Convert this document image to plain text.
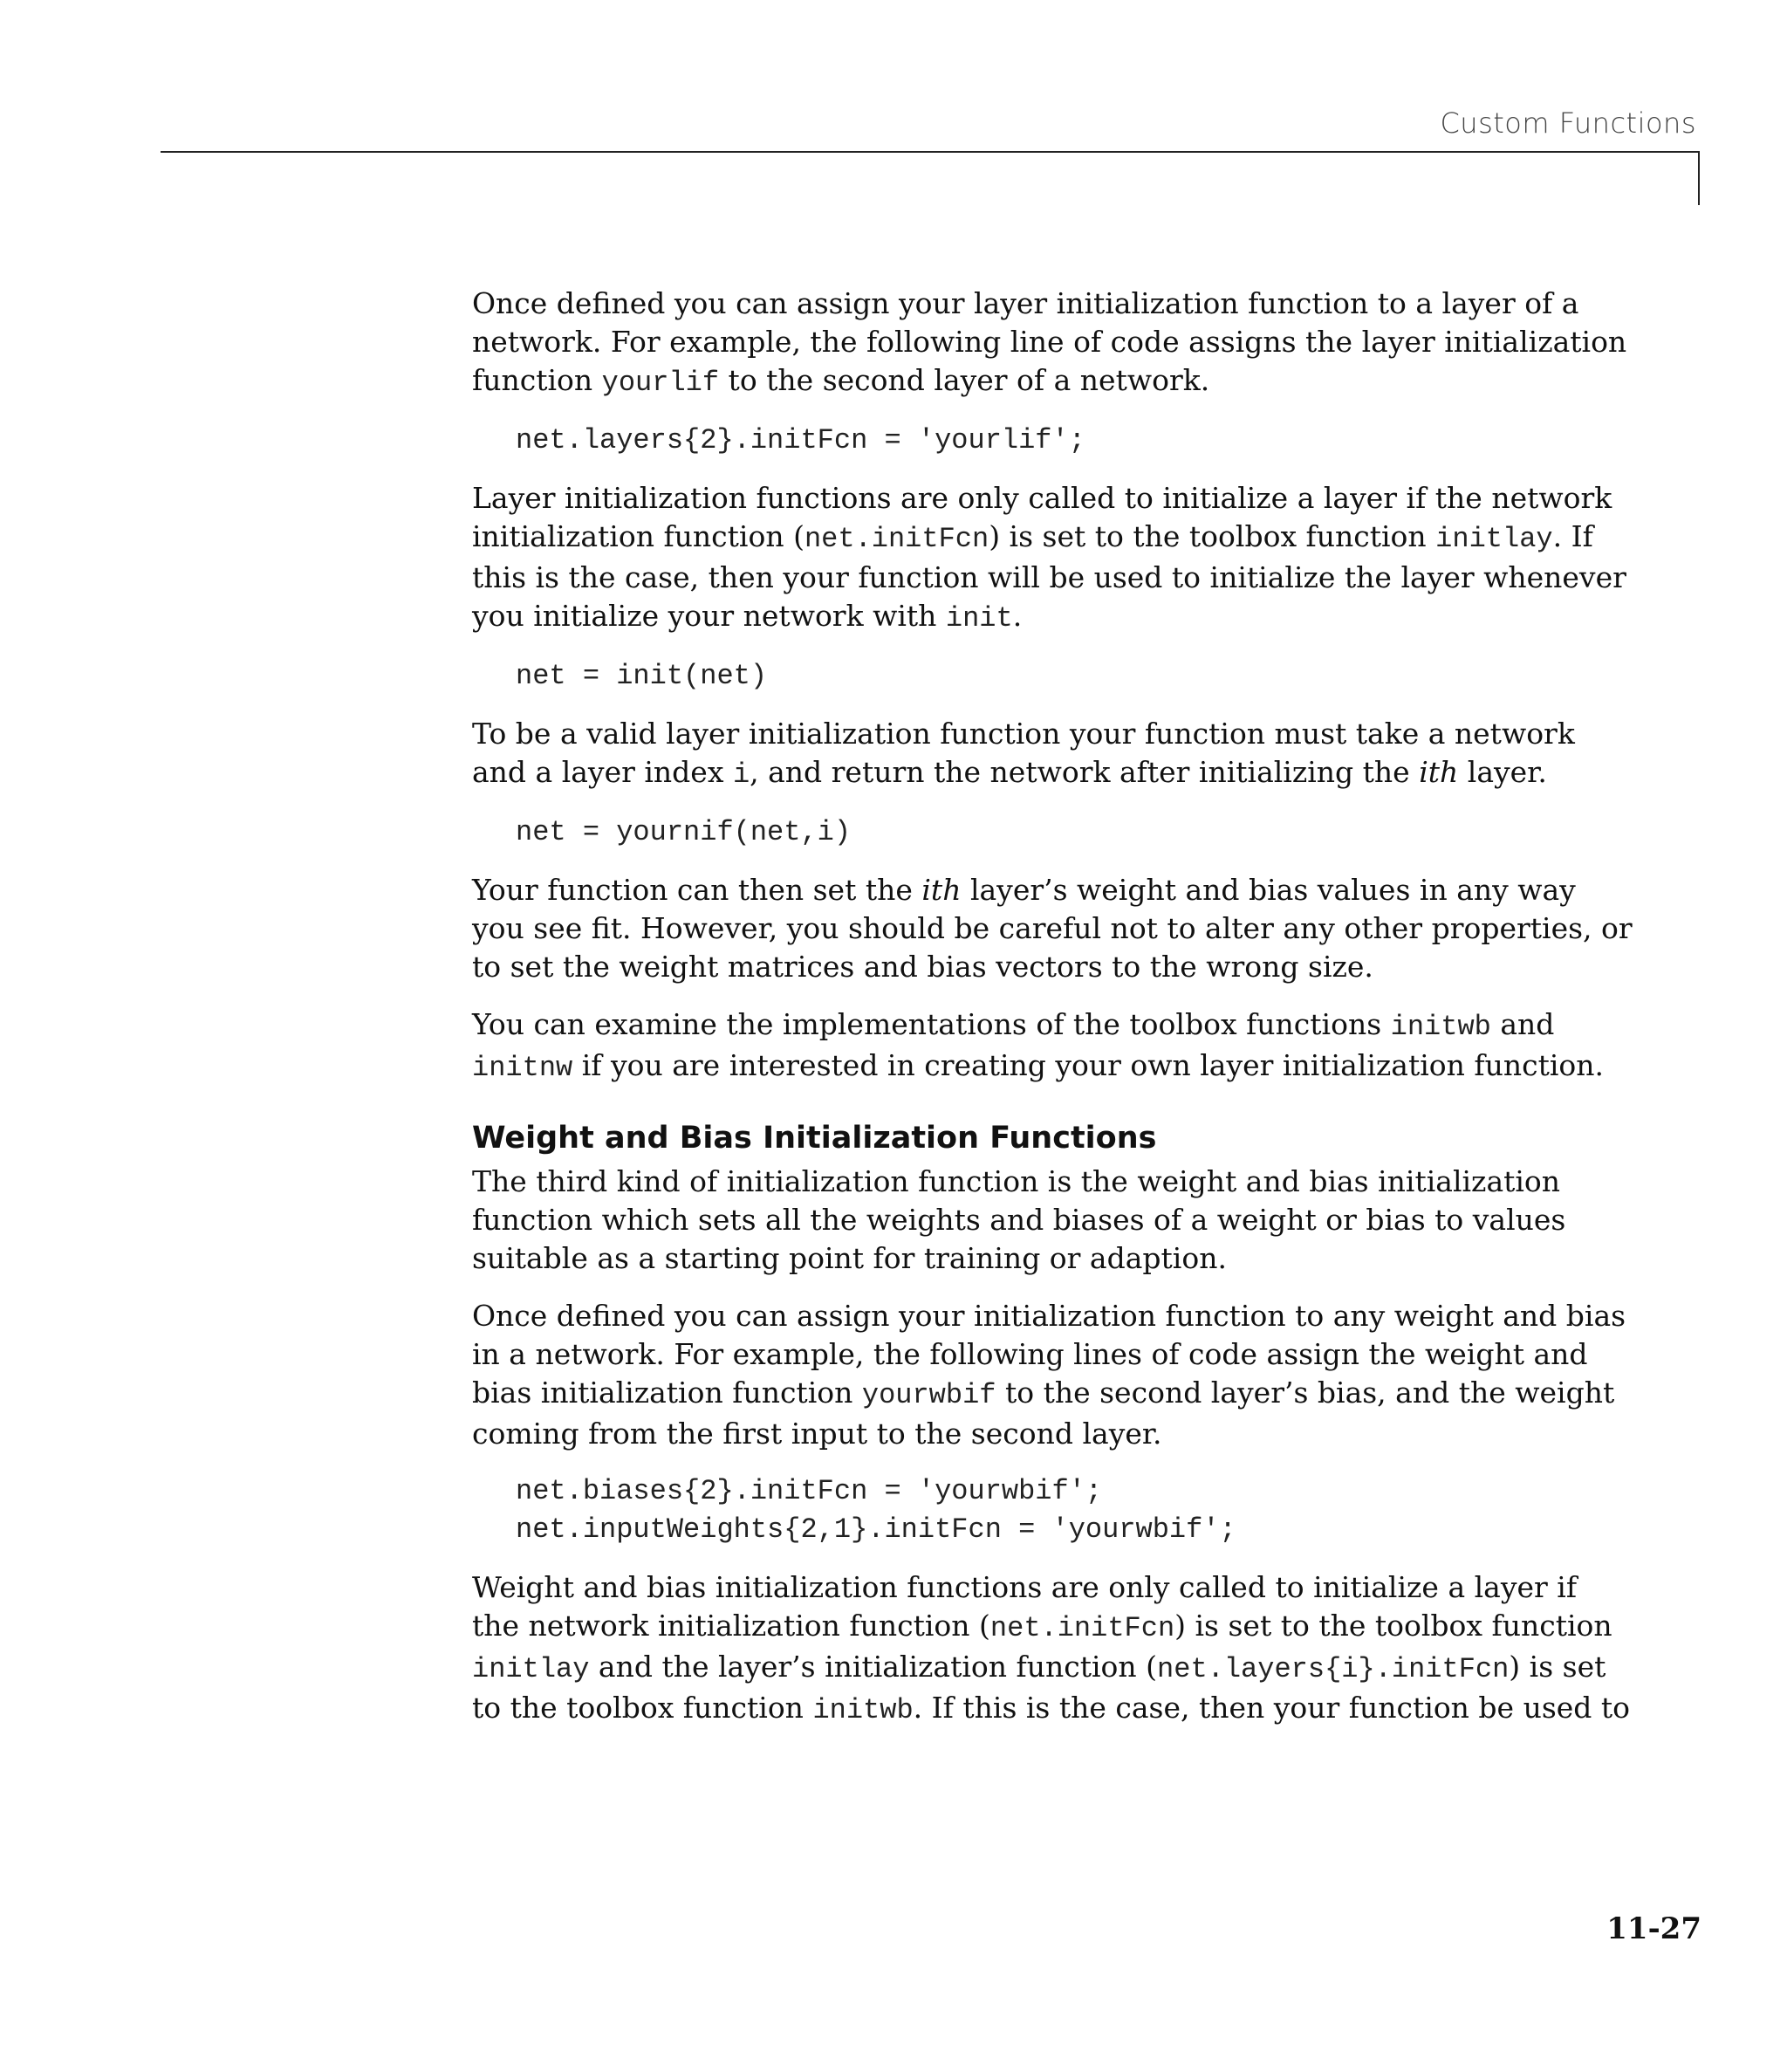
Custom Functions

Once defined you can assign your layer initialization function to a layer of a network. For example, the following line of code assigns the layer initialization function yourlif to the second layer of a network.

net.layers{2}.initFcn = 'yourlif';

Layer initialization functions are only called to initialize a layer if the network initialization function (net.initFcn) is set to the toolbox function initlay. If this is the case, then your function will be used to initialize the layer whenever you initialize your network with init.

net = init(net)

To be a valid layer initialization function your function must take a network and a layer index i, and return the network after initializing the ith layer.

net = yournif(net,i)

Your function can then set the ith layer’s weight and bias values in any way you see fit. However, you should be careful not to alter any other properties, or to set the weight matrices and bias vectors to the wrong size.

You can examine the implementations of the toolbox functions initwb and initnw if you are interested in creating your own layer initialization function.

Weight and Bias Initialization Functions

The third kind of initialization function is the weight and bias initialization function which sets all the weights and biases of a weight or bias to values suitable as a starting point for training or adaption.

Once defined you can assign your initialization function to any weight and bias in a network. For example, the following lines of code assign the weight and bias initialization function yourwbif to the second layer’s bias, and the weight coming from the first input to the second layer.

net.biases{2}.initFcn = 'yourwbif';
net.inputWeights{2,1}.initFcn = 'yourwbif';

Weight and bias initialization functions are only called to initialize a layer if the network initialization function (net.initFcn) is set to the toolbox function initlay and the layer’s initialization function (net.layers{i}.initFcn) is set to the toolbox function initwb. If this is the case, then your function be used to

11-27
